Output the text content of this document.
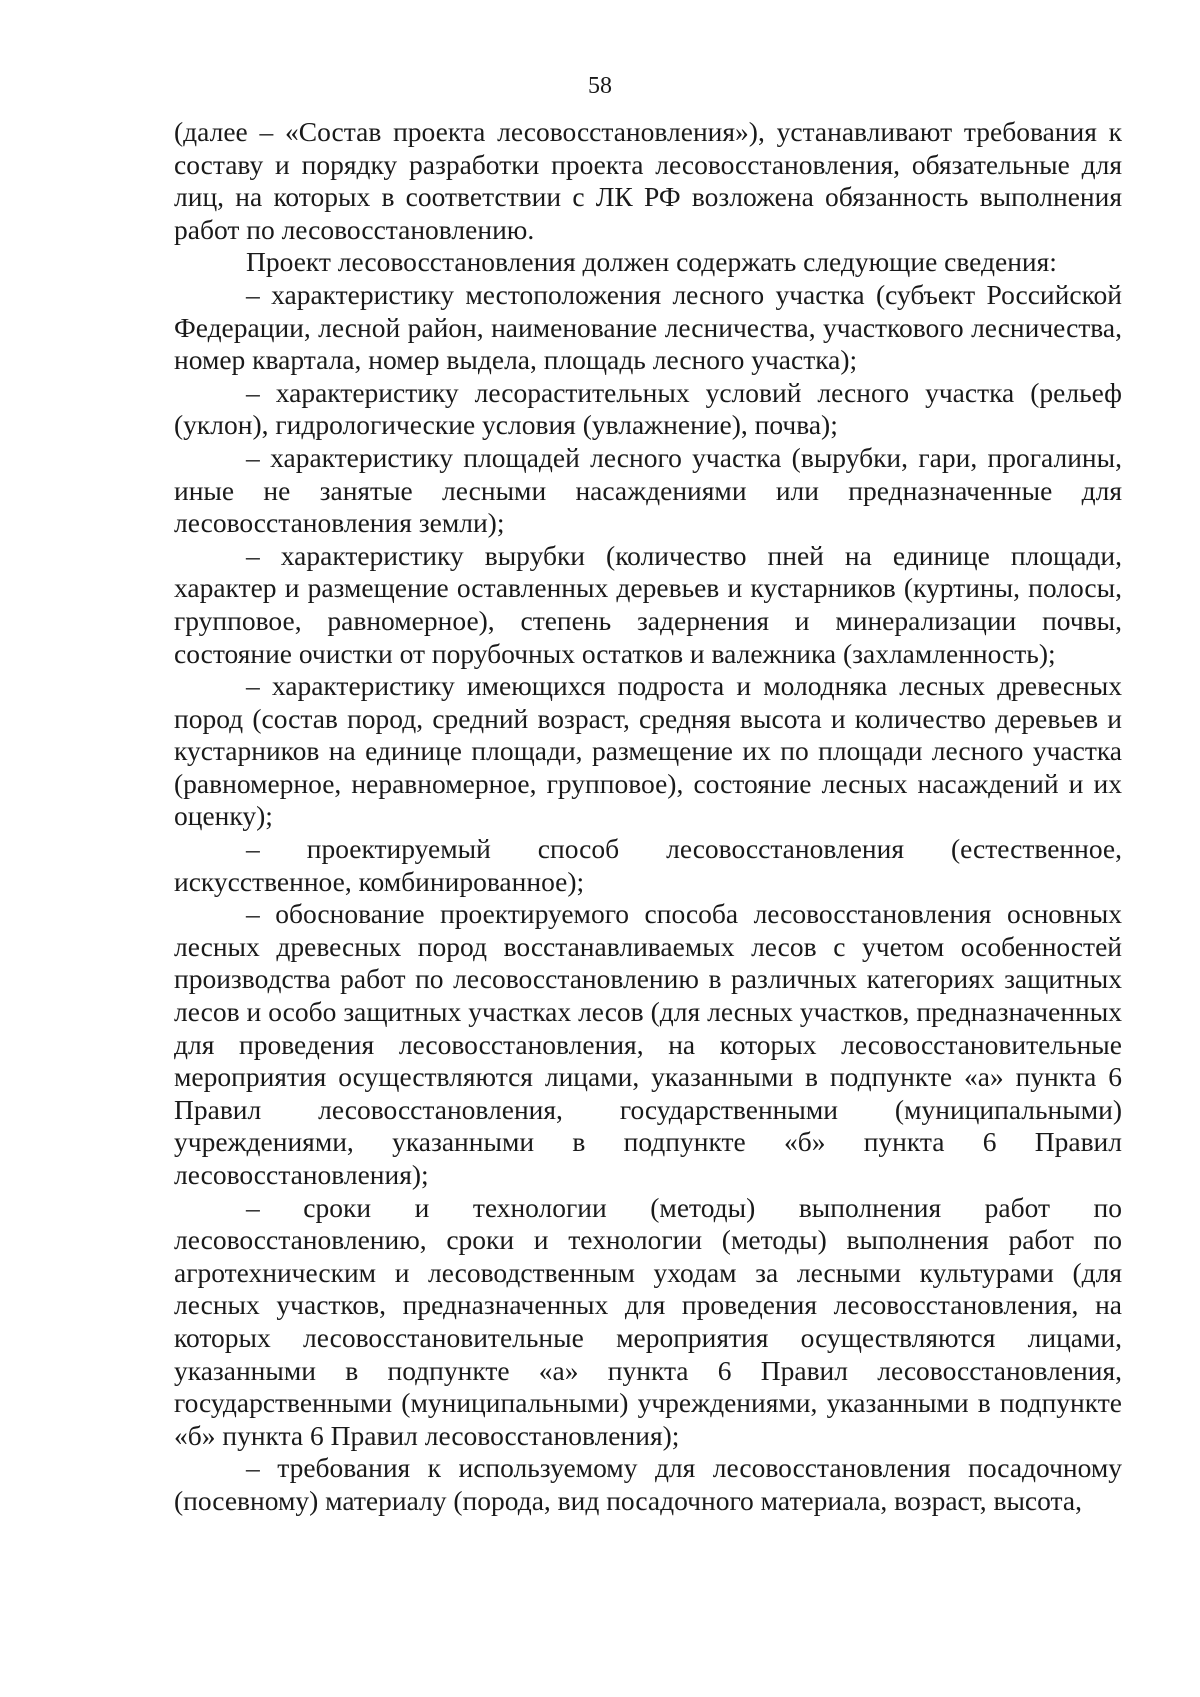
58

(далее – «Состав проекта лесовосстановления»), устанавливают требования к составу и порядку разработки проекта лесовосстановления, обязательные для лиц, на которых в соответствии с ЛК РФ возложена обязанность выполнения работ по лесовосстановлению.

Проект лесовосстановления должен содержать следующие сведения:

– характеристику местоположения лесного участка (субъект Российской Федерации, лесной район, наименование лесничества, участкового лесничества, номер квартала, номер выдела, площадь лесного участка);

– характеристику лесорастительных условий лесного участка (рельеф (уклон), гидрологические условия (увлажнение), почва);

– характеристику площадей лесного участка (вырубки, гари, прогалины, иные не занятые лесными насаждениями или предназначенные для лесовосстановления земли);

– характеристику вырубки (количество пней на единице площади, характер и размещение оставленных деревьев и кустарников (куртины, полосы, групповое, равномерное), степень задернения и минерализации почвы, состояние очистки от порубочных остатков и валежника (захламленность);

– характеристику имеющихся подроста и молодняка лесных древесных пород (состав пород, средний возраст, средняя высота и количество деревьев и кустарников на единице площади, размещение их по площади лесного участка (равномерное, неравномерное, групповое), состояние лесных насаждений и их оценку);

– проектируемый способ лесовосстановления (естественное, искусственное, комбинированное);

– обоснование проектируемого способа лесовосстановления основных лесных древесных пород восстанавливаемых лесов с учетом особенностей производства работ по лесовосстановлению в различных категориях защитных лесов и особо защитных участках лесов (для лесных участков, предназначенных для проведения лесовосстановления, на которых лесовосстановительные мероприятия осуществляются лицами, указанными в подпункте «а» пункта 6 Правил лесовосстановления, государственными (муниципальными) учреждениями, указанными в подпункте «б» пункта 6 Правил лесовосстановления);

– сроки и технологии (методы) выполнения работ по лесовосстановлению, сроки и технологии (методы) выполнения работ по агротехническим и лесоводственным уходам за лесными культурами (для лесных участков, предназначенных для проведения лесовосстановления, на которых лесовосстановительные мероприятия осуществляются лицами, указанными в подпункте «а» пункта 6 Правил лесовосстановления, государственными (муниципальными) учреждениями, указанными в подпункте «б» пункта 6 Правил лесовосстановления);

– требования к используемому для лесовосстановления посадочному (посевному) материалу (порода, вид посадочного материала, возраст, высота,
